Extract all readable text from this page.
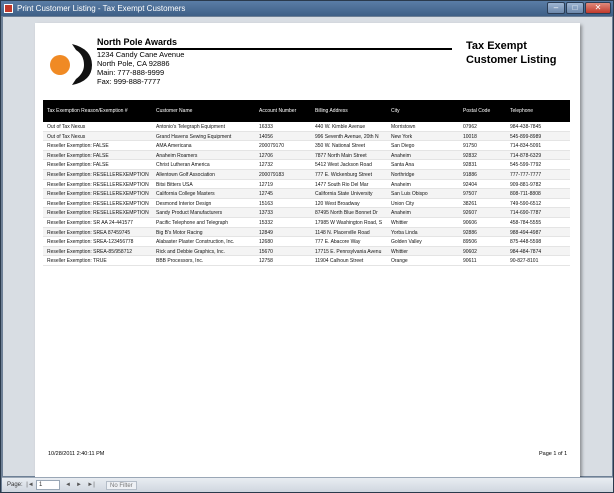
Print Customer Listing - Tax Exempt Customers	–	□	✕
North Pole Awards
1234 Candy Cane Avenue
North Pole, CA 92886
Main: 777-888-9999
Fax: 999-888-7777
Tax Exempt
Customer Listing
Tax Exemption Reason/Exemption #	Customer Name	Account Number	Billing Address	City	Postal Code	Telephone
Out of Tax Nexus	Antonio's Telegraph Equipment	16333	440 W. Kimble Avenue	Morristown	07962	984-438-7845
Out of Tax Nexus	Grand Havens Sewing Equipment	14056	996 Seventh Avenue, 20th N	New York	10018	545-899-8989
Reseller Exemption: FALSE	AMA Americana	200079170	350 W. National Street	San Diego	91750	714-834-5091
Reseller Exemption: FALSE	Anaheim Roamers	12706	7877 North Main Street	Anaheim	92832	714-878-6329
Reseller Exemption: FALSE	Christ Lutheran America	12732	5412 West Jackson Road	Santa Ana	92831	545-599-7792
Reseller Exemption: RESELLEREXEMPTION	Allentown Golf Association	200079183	777 E. Wickenburg Street	Northridge	91886	777-777-7777
Reseller Exemption: RESELLEREXEMPTION	Bitsi Bitters USA	12719	1477 South Rio Del Mar	Anaheim	92404	909-881-9782
Reseller Exemption: RESELLEREXEMPTION	California College Masters	12745	California State University	San Luis Obispo	97507	808-711-8808
Reseller Exemption: RESELLEREXEMPTION	Desmond Interior Design	15163	120 West Broadway	Union City	38261	749-590-6512
Reseller Exemption: RESELLEREXEMPTION	Sandy Product Manufacturers	13733	87495 North Blue Bonnet Dr	Anaheim	92607	714-690-7787
Reseller Exemption: SR AA 24-441577	Pacific Telephone and Telegraph	15332	17985 W Washington Road, S	Whittier	90606	458-784-5555
Reseller Exemption: SREA 87459745	Big B's Motor Racing	12849	1148 N. Placerville Road	Yorba Linda	92886	988-494-4987
Reseller Exemption: SREA-123456778	Alabaster Plaster Construction, Inc.	12680	777 E. Abacore Way	Golden Valley	89506	875-448-5598
Reseller Exemption: SREA-85/958712	Rick and Debbie Graphics, Inc.	15670	17715 E. Pennsylvania Avenu	Whittier	90602	984-484-7874
Reseller Exemption: TRUE	BBB Processors, Inc.	12758	11904 Calhoun Street	Orange	90611	90-827-8101
10/28/2011 2:40:11 PM	Page 1 of 1
Page: |◄ 1	◄ ► ►|	No Filter
